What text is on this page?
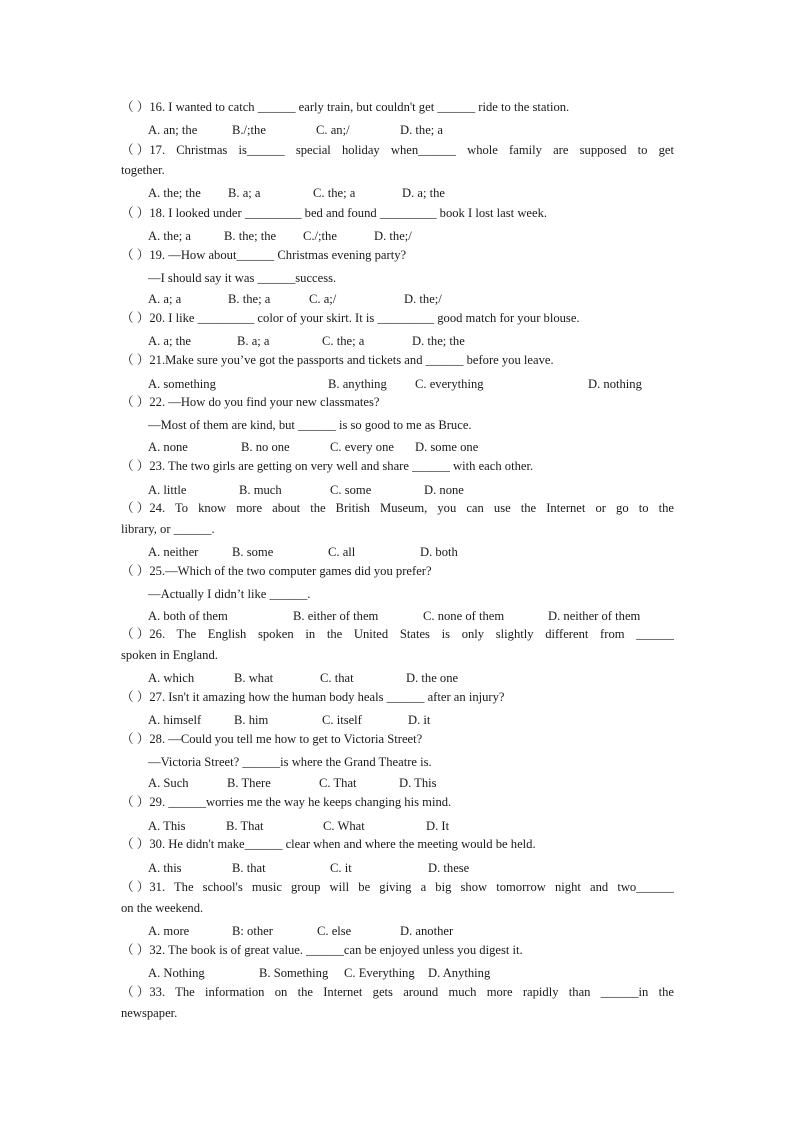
（ ） 16. I wanted to catch ______ early train, but couldn't get ______ ride to the station.
A. an; the	B./;the	C. an;/	D. the; a
（ ） 17. Christmas is______ special holiday when______ whole family are supposed to get
together.
A. the; the B. a; a	C. the; a	D. a; the
（ ） 18. I looked under _________ bed and found _________ book I lost last week.
A. the; a	B. the; the C./;the	D. the;/
（ ） 19. —How about______ Christmas evening party?
—I should say it was ______success.
A. a; a	B. the; a	C. a;/	D. the;/
（ ） 20. I like _________ color of your skirt. It is _________ good match for your blouse.
A. a; the	B. a; a	C. the; a	D. the; the
（ ） 21.Make sure you’ve got the passports and tickets and ______ before you leave.
A. something	B. anything C. everything	D. nothing
（ ） 22. —How do you find your new classmates?
—Most of them are kind, but ______ is so good to me as Bruce.
A. none	B. no one	C. every one D. some one
（ ） 23. The two girls are getting on very well and share ______ with each other.
A. little	B. much	C. some	D. none
（ ） 24. To know more about the British Museum, you can use the Internet or go to the
library, or ______.
A. neither	B. some	C. all	D. both
（ ） 25.—Which of the two computer games did you prefer?
—Actually I didn’t like ______.
A. both of them	B. either of them	C. none of them	D. neither of them
（ ） 26. The English spoken in the United States is only slightly different from ______
spoken in England.
A. which	B. what	C. that	D. the one
（ ） 27. Isn't it amazing how the human body heals ______ after an injury?
A. himself	B. him	C. itself	D. it
（ ） 28. —Could you tell me how to get to Victoria Street?
—Victoria Street? ______is where the Grand Theatre is.
A. Such	B. There	C. That	D. This
（ ） 29. ______worries me the way he keeps changing his mind.
A. This	B. That	C. What	D. It
（ ） 30. He didn't make______ clear when and where the meeting would be held.
A. this	B. that	C. it	D. these
（ ） 31. The school's music group will be giving a big show tomorrow night and two______
on the weekend.
A. more	B: other	C. else	D. another
（ ） 32. The book is of great value. ______can be enjoyed unless you digest it.
A. Nothing	B. Something C. Everything D. Anything
（ ） 33. The information on the Internet gets around much more rapidly than ______in the
newspaper.
